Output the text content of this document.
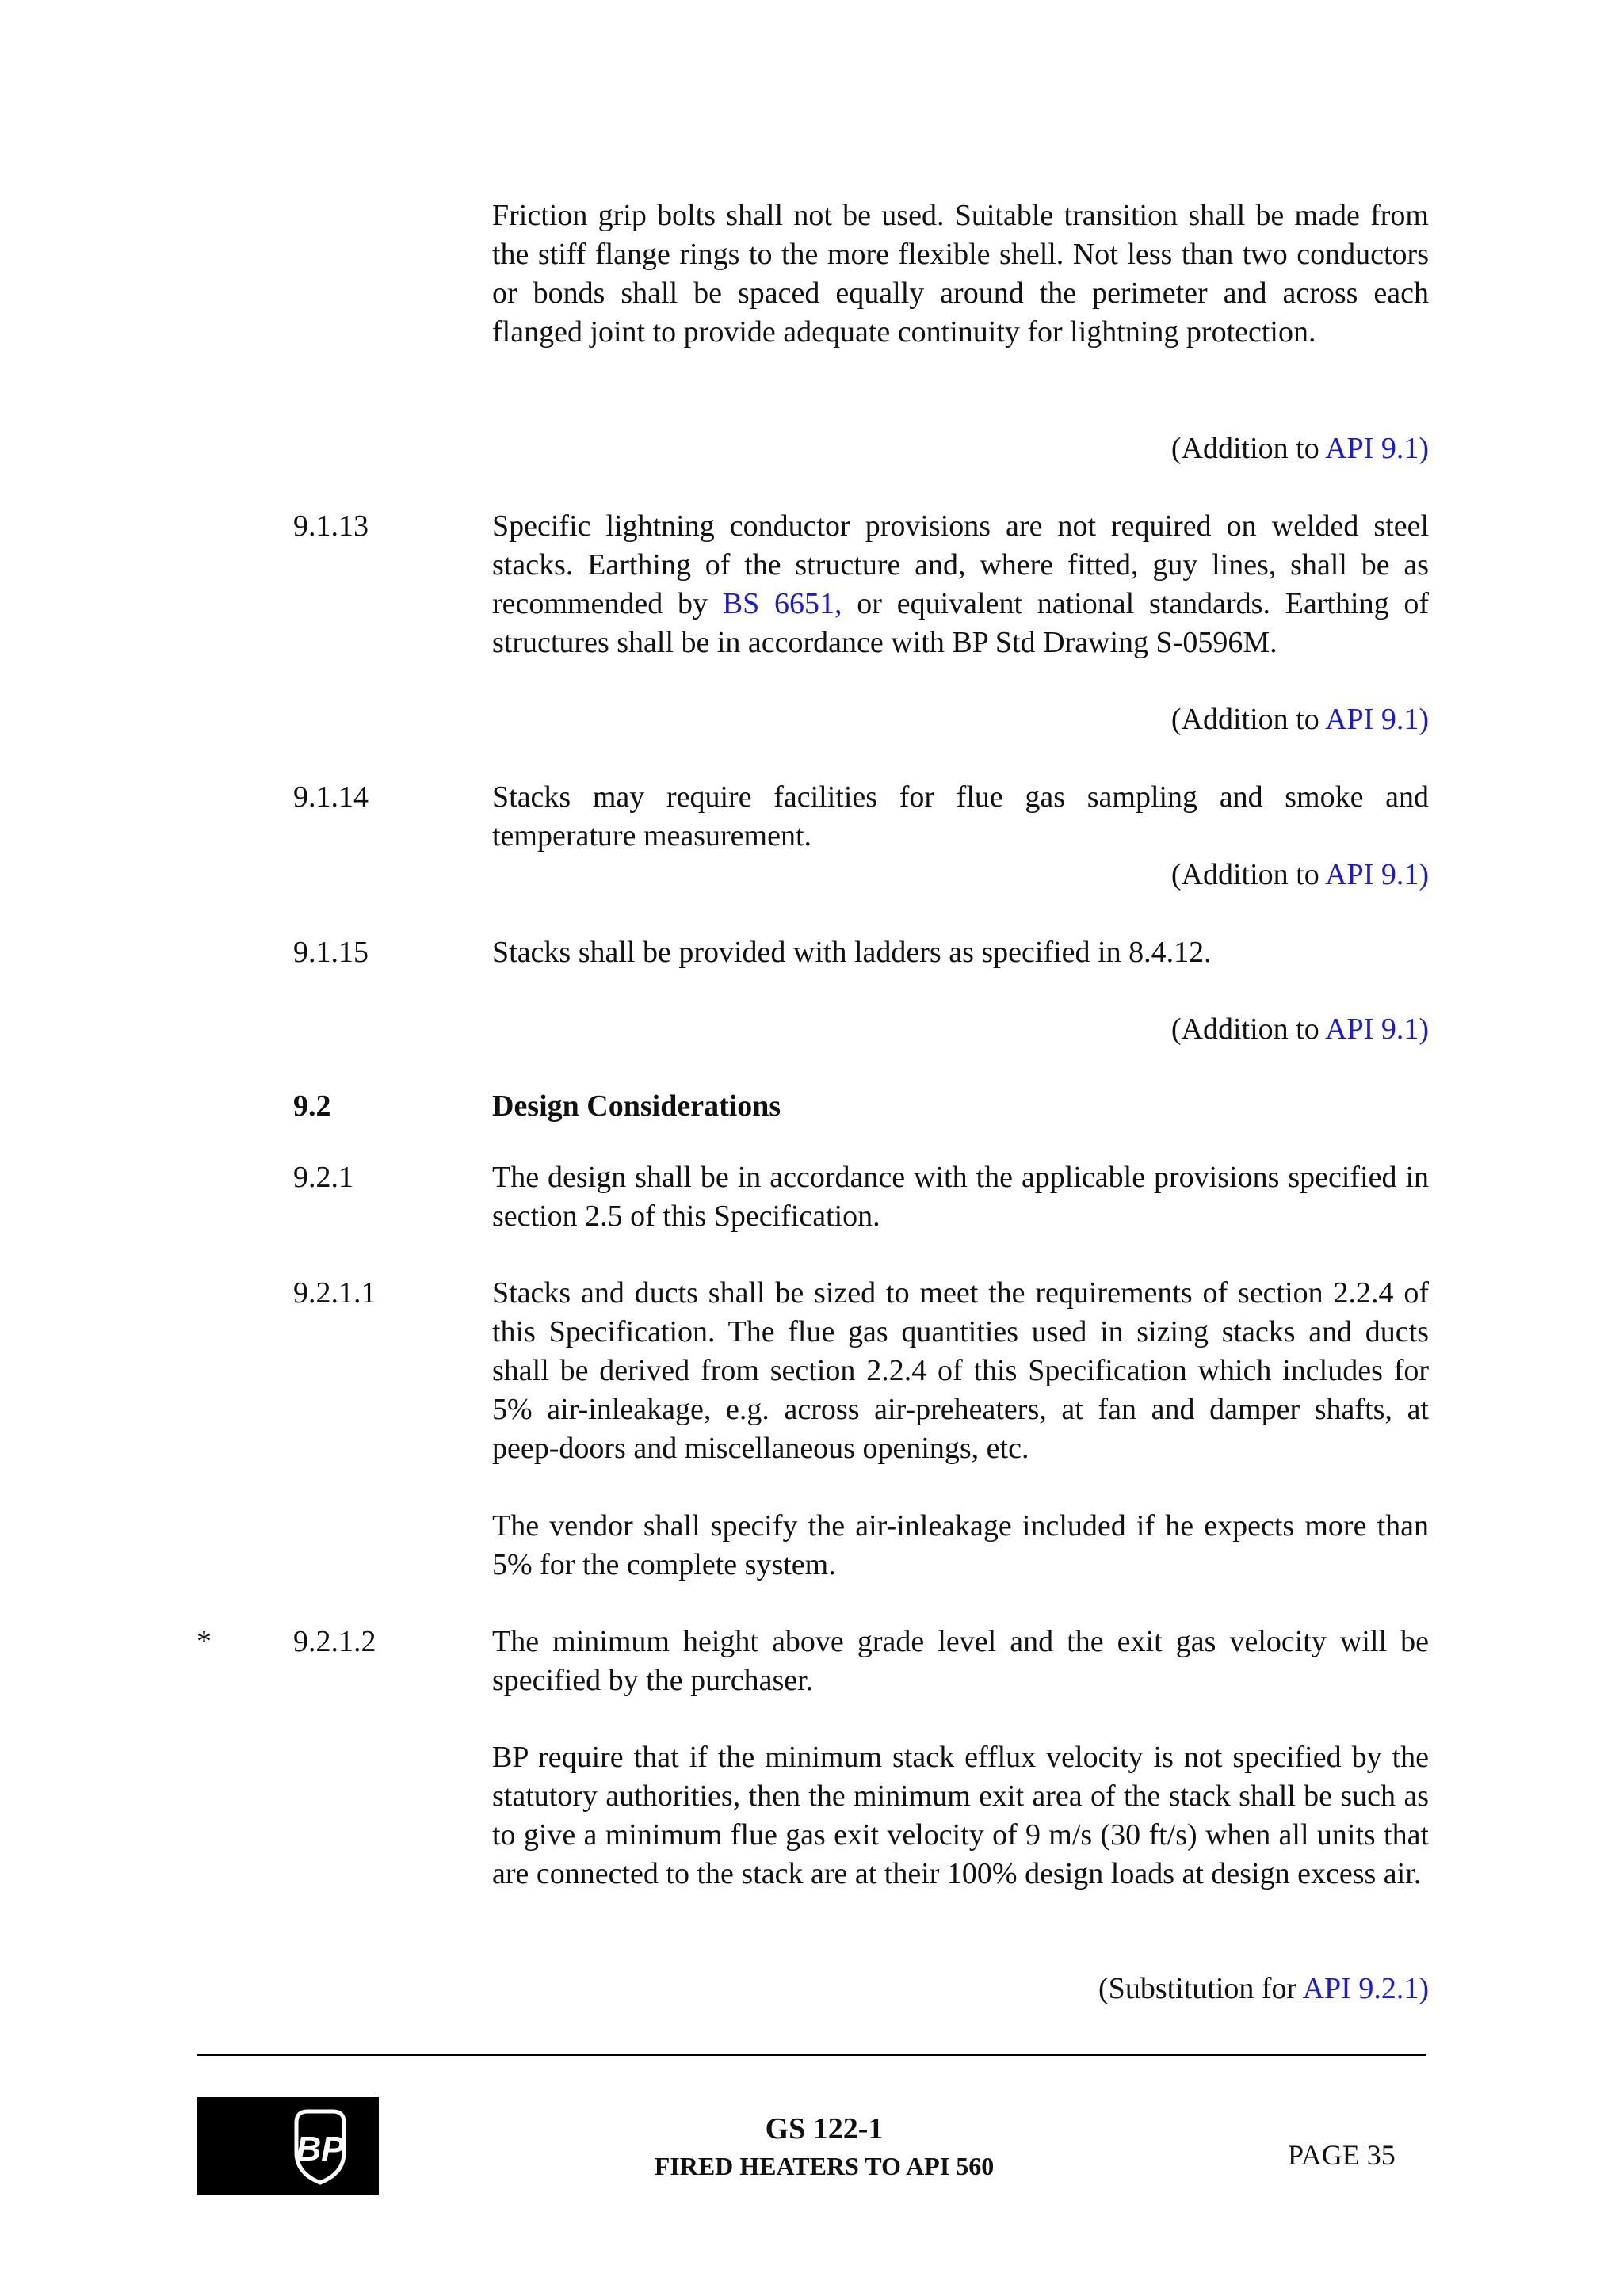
Friction grip bolts shall not be used. Suitable transition shall be made from the stiff flange rings to the more flexible shell. Not less than two conductors or bonds shall be spaced equally around the perimeter and across each flanged joint to provide adequate continuity for lightning protection.

(Addition to API 9.1)
9.1.13	Specific lightning conductor provisions are not required on welded steel stacks. Earthing of the structure and, where fitted, guy lines, shall be as recommended by BS 6651, or equivalent national standards. Earthing of structures shall be in accordance with BP Std Drawing S-0596M.

(Addition to API 9.1)
9.1.14	Stacks may require facilities for flue gas sampling and smoke and temperature measurement.

(Addition to API 9.1)
9.1.15	Stacks shall be provided with ladders as specified in 8.4.12.

(Addition to API 9.1)
9.2	Design Considerations
9.2.1	The design shall be in accordance with the applicable provisions specified in section 2.5 of this Specification.

9.2.1.1	Stacks and ducts shall be sized to meet the requirements of section 2.2.4 of this Specification. The flue gas quantities used in sizing stacks and ducts shall be derived from section 2.2.4 of this Specification which includes for 5% air-inleakage, e.g. across air-preheaters, at fan and damper shafts, at peep-doors and miscellaneous openings, etc.

The vendor shall specify the air-inleakage included if he expects more than 5% for the complete system.

*	9.2.1.2	The minimum height above grade level and the exit gas velocity will be specified by the purchaser.

BP require that if the minimum stack efflux velocity is not specified by the statutory authorities, then the minimum exit area of the stack shall be such as to give a minimum flue gas exit velocity of 9 m/s (30 ft/s) when all units that are connected to the stack are at their 100% design loads at design excess air.

(Substitution for API 9.2.1)
BP
GS 122-1
FIRED HEATERS TO API 560	PAGE 35
